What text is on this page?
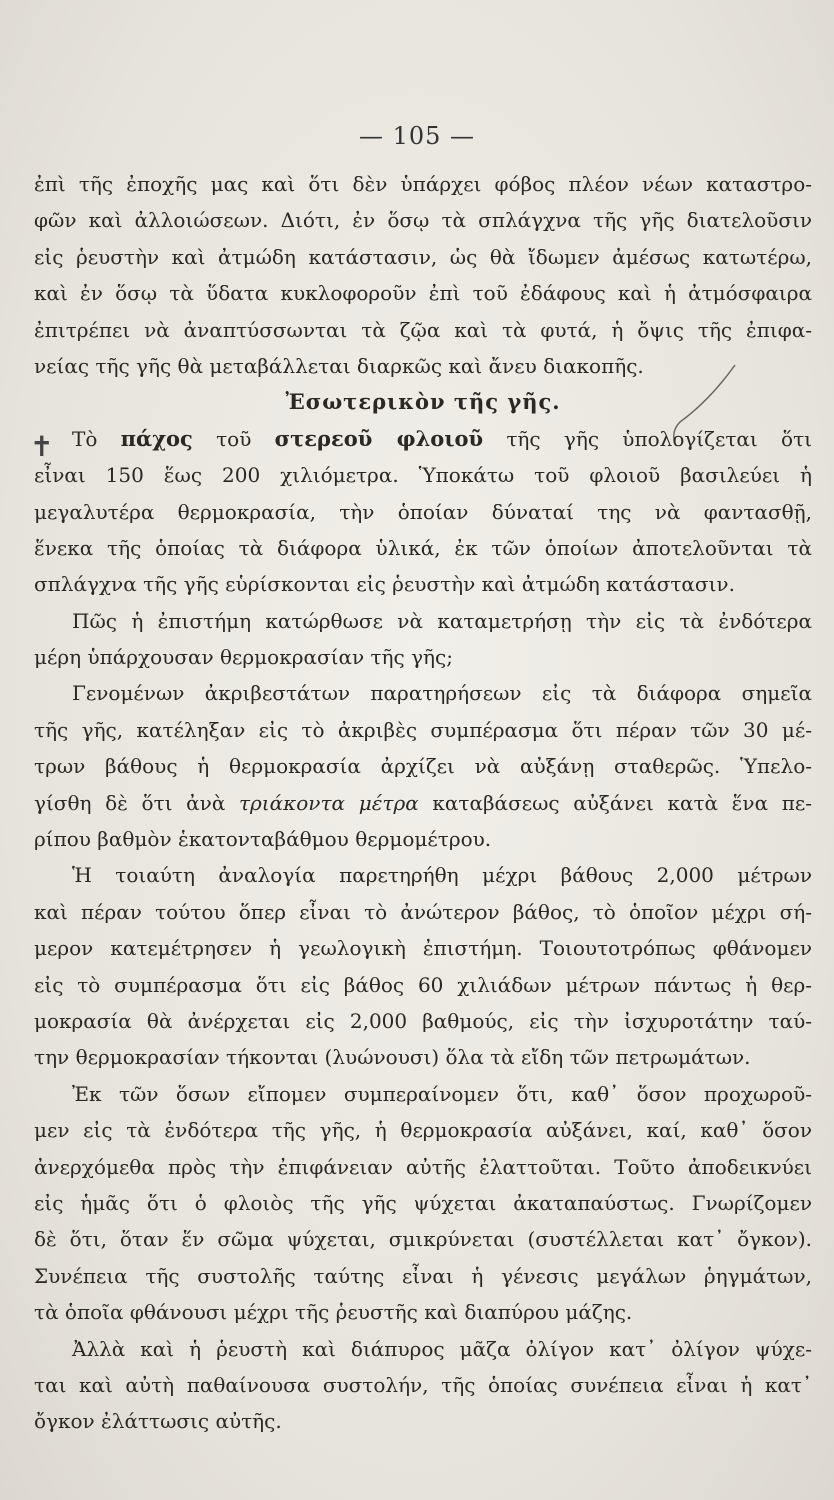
— 105 —
✝
ἐπὶ τῆς ἐποχῆς μας καὶ ὅτι δὲν ὑπάρχει φόβος πλέον νέων καταστρο-
φῶν καὶ ἀλλοιώσεων. Διότι, ἐν ὅσῳ τὰ σπλάγχνα τῆς γῆς διατελοῦσιν
εἰς ῥευστὴν καὶ ἀτμώδη κατάστασιν, ὡς θὰ ἴδωμεν ἀμέσως κατωτέρω,
καὶ ἐν ὅσῳ τὰ ὕδατα κυκλοφοροῦν ἐπὶ τοῦ ἐδάφους καὶ ἡ ἀτμόσφαιρα
ἐπιτρέπει νὰ ἀναπτύσσωνται τὰ ζῷα καὶ τὰ φυτά, ἡ ὄψις τῆς ἐπιφα-
νείας τῆς γῆς θὰ μεταβάλλεται διαρκῶς καὶ ἄνευ διακοπῆς.
Ἐσωτερικὸν τῆς γῆς.
Τὸ πάχος τοῦ στερεοῦ φλοιοῦ τῆς γῆς ὑπολογίζεται ὅτι
εἶναι 150 ἕως 200 χιλιόμετρα. Ὑποκάτω τοῦ φλοιοῦ βασιλεύει ἡ
μεγαλυτέρα θερμοκρασία, τὴν ὁποίαν δύναταί της νὰ φαντασθῇ,
ἕνεκα τῆς ὁποίας τὰ διάφορα ὑλικά, ἐκ τῶν ὁποίων ἀποτελοῦνται τὰ
σπλάγχνα τῆς γῆς εὑρίσκονται εἰς ῥευστὴν καὶ ἀτμώδη κατάστασιν.
Πῶς ἡ ἐπιστήμη κατώρθωσε νὰ καταμετρήσῃ τὴν εἰς τὰ ἐνδότερα
μέρη ὑπάρχουσαν θερμοκρασίαν τῆς γῆς;
Γενομένων ἀκριβεστάτων παρατηρήσεων εἰς τὰ διάφορα σημεῖα
τῆς γῆς, κατέληξαν εἰς τὸ ἀκριβὲς συμπέρασμα ὅτι πέραν τῶν 30 μέ-
τρων βάθους ἡ θερμοκρασία ἀρχίζει νὰ αὐξάνῃ σταθερῶς. Ὑπελο-
γίσθη δὲ ὅτι ἀνὰ τριάκοντα μέτρα καταβάσεως αὐξάνει κατὰ ἕνα πε-
ρίπου βαθμὸν ἑκατονταβάθμου θερμομέτρου.
Ἡ τοιαύτη ἀναλογία παρετηρήθη μέχρι βάθους 2,000 μέτρων
καὶ πέραν τούτου ὅπερ εἶναι τὸ ἀνώτερον βάθος, τὸ ὁποῖον μέχρι σή-
μερον κατεμέτρησεν ἡ γεωλογικὴ ἐπιστήμη. Τοιουτοτρόπως φθάνομεν
εἰς τὸ συμπέρασμα ὅτι εἰς βάθος 60 χιλιάδων μέτρων πάντως ἡ θερ-
μοκρασία θὰ ἀνέρχεται εἰς 2,000 βαθμούς, εἰς τὴν ἰσχυροτάτην ταύ-
την θερμοκρασίαν τήκονται (λυώνουσι) ὅλα τὰ εἴδη τῶν πετρωμάτων.
Ἐκ τῶν ὅσων εἴπομεν συμπεραίνομεν ὅτι, καθ᾽ ὅσον προχωροῦ-
μεν εἰς τὰ ἐνδότερα τῆς γῆς, ἡ θερμοκρασία αὐξάνει, καί, καθ᾽ ὅσον
ἀνερχόμεθα πρὸς τὴν ἐπιφάνειαν αὐτῆς ἐλαττοῦται. Τοῦτο ἀποδεικνύει
εἰς ἡμᾶς ὅτι ὁ φλοιὸς τῆς γῆς ψύχεται ἀκαταπαύστως. Γνωρίζομεν
δὲ ὅτι, ὅταν ἕν σῶμα ψύχεται, σμικρύνεται (συστέλλεται κατ᾽ ὄγκον).
Συνέπεια τῆς συστολῆς ταύτης εἶναι ἡ γένεσις μεγάλων ῥηγμάτων,
τὰ ὁποῖα φθάνουσι μέχρι τῆς ῥευστῆς καὶ διαπύρου μάζης.
Ἀλλὰ καὶ ἡ ῥευστὴ καὶ διάπυρος μᾶζα ὀλίγον κατ᾽ ὀλίγον ψύχε-
ται καὶ αὐτὴ παθαίνουσα συστολήν, τῆς ὁποίας συνέπεια εἶναι ἡ κατ᾽
ὄγκον ἐλάττωσις αὐτῆς.
